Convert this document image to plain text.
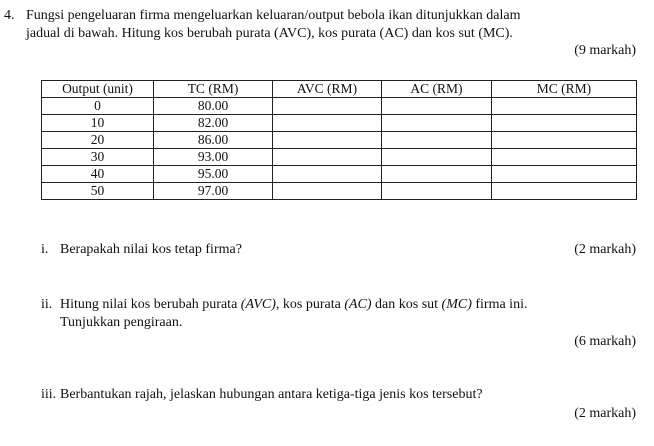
4. Fungsi pengeluaran firma mengeluarkan keluaran/output bebola ikan ditunjukkan dalam
jadual di bawah. Hitung kos berubah purata (AVC), kos purata (AC) dan kos sut (MC).
(9 markah)
Output (unit)	TC (RM)	AVC (RM)	AC (RM)	MC (RM)
0	80.00			
10	82.00			
20	86.00			
30	93.00			
40	95.00			
50	97.00			
i. Berapakah nilai kos tetap firma?	(2 markah)
ii. Hitung nilai kos berubah purata (AVC), kos purata (AC) dan kos sut (MC) firma ini.
Tunjukkan pengiraan.
(6 markah)
iii. Berbantukan rajah, jelaskan hubungan antara ketiga-tiga jenis kos tersebut?
(2 markah)
